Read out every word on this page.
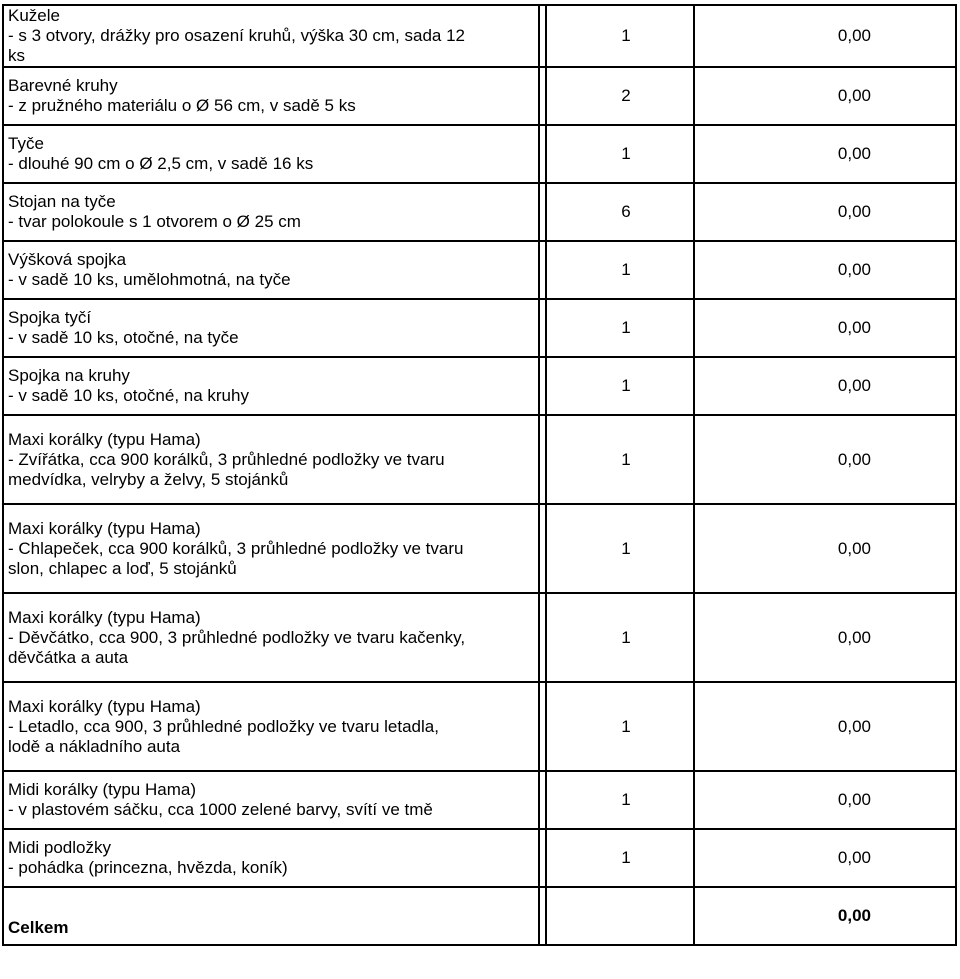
Kužele
- s 3 otvory, drážky pro osazení kruhů, výška 30 cm, sada 12
ks		1	0,00

Barevné kruhy
- z pružného materiálu o Ø 56 cm, v sadě 5 ks		2	0,00

Tyče
- dlouhé 90 cm o Ø 2,5 cm, v sadě 16 ks		1	0,00

Stojan na tyče
- tvar polokoule s 1 otvorem o Ø 25 cm		6	0,00

Výšková spojka
- v sadě 10 ks, umělohmotná, na tyče		1	0,00

Spojka tyčí
- v sadě 10 ks, otočné, na tyče		1	0,00

Spojka na kruhy
- v sadě 10 ks, otočné, na kruhy		1	0,00

Maxi korálky (typu Hama)
- Zvířátka, cca 900 korálků, 3 průhledné podložky ve tvaru
medvídka, velryby a želvy, 5 stojánků		1	0,00

Maxi korálky (typu Hama)
- Chlapeček, cca 900 korálků, 3 průhledné podložky ve tvaru
slon, chlapec a loď, 5 stojánků		1	0,00

Maxi korálky (typu Hama)
- Děvčátko, cca 900, 3 průhledné podložky ve tvaru kačenky,
děvčátka a auta		1	0,00

Maxi korálky (typu Hama)
- Letadlo, cca 900, 3 průhledné podložky ve tvaru letadla,
lodě a nákladního auta		1	0,00

Midi korálky (typu Hama)
- v plastovém sáčku, cca 1000 zelené barvy, svítí ve tmě		1	0,00

Midi podložky
- pohádka (princezna, hvězda, koník)		1	0,00

Celkem			0,00
